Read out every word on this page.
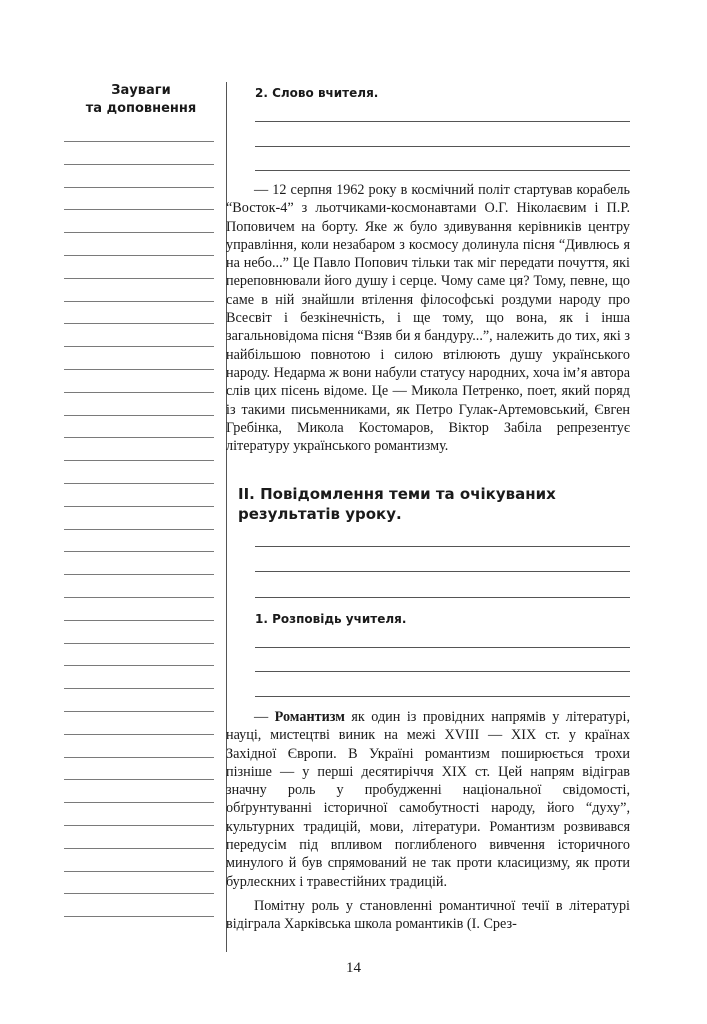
Зауваги
та доповнення

2. Слово вчителя.

— 12 серпня 1962 року в космічний політ стартував корабель “Восток-4” з льотчиками-космонавтами О.Г. Ніколаєвим і П.Р. Поповичем на борту. Яке ж було здивування керівників центру управління, коли незабаром з космосу долинула пісня “Дивлюсь я на небо...” Це Павло Попович тільки так міг передати почуття, які переповнювали його душу і серце. Чому саме ця? Тому, певне, що саме в ній знайшли втілення філософські роздуми народу про Всесвіт і безкінечність, і ще тому, що вона, як і інша загальновідома пісня “Взяв би я бандуру...”, належить до тих, які з найбільшою повнотою і силою втілюють душу українського народу. Недарма ж вони набули статусу народних, хоча ім’я автора слів цих пісень відоме. Це — Микола Петренко, поет, який поряд із такими письменниками, як Петро Гулак-Артемовський, Євген Гребінка, Микола Костомаров, Віктор Забіла репрезентує літературу українського романтизму.

ІІ. Повідомлення теми та очікуваних результатів уроку.

1. Розповідь учителя.

— Романтизм як один із провідних напрямів у літературі, науці, мистецтві виник на межі XVIII — XIX ст. у країнах Західної Європи. В Україні романтизм поширюється трохи пізніше — у перші десятиріччя XIX ст. Цей напрям відіграв значну роль у пробудженні національної свідомості, обґрунтуванні історичної самобутності народу, його “духу”, культурних традицій, мови, літератури. Романтизм розвивався передусім під впливом поглибленого вивчення історичного минулого й був спрямований не так проти класицизму, як проти бурлескних і травестійних традицій.

Помітну роль у становленні романтичної течії в літературі відіграла Харківська школа романтиків (І. Срез-

14
